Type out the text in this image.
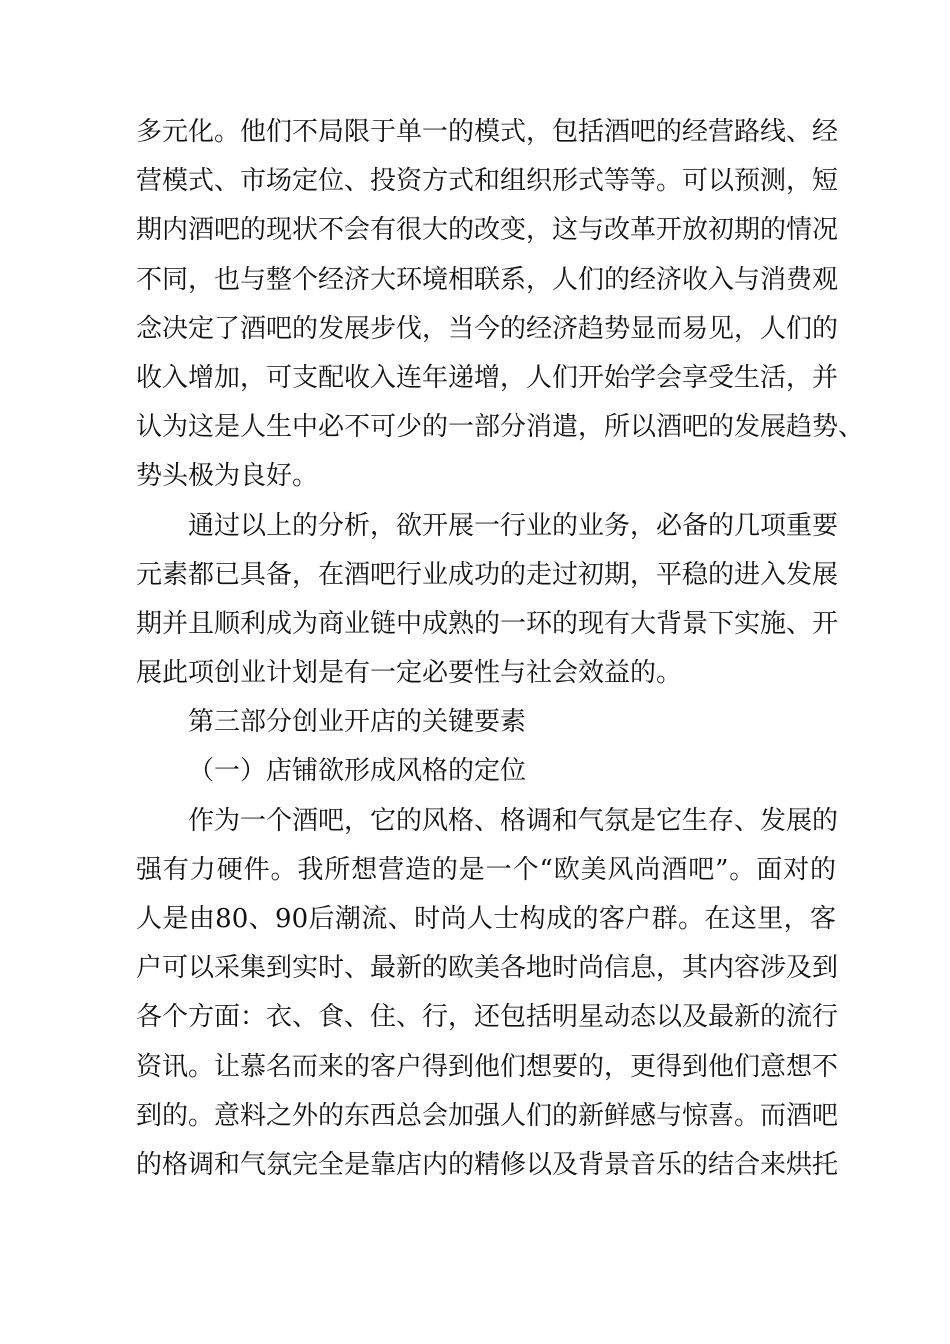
多元化。他们不局限于单一的模式，包括酒吧的经营路线、经
营模式、市场定位、投资方式和组织形式等等。可以预测，短
期内酒吧的现状不会有很大的改变，这与改革开放初期的情况
不同，也与整个经济大环境相联系，人们的经济收入与消费观
念决定了酒吧的发展步伐，当今的经济趋势显而易见，人们的
收入增加，可支配收入连年递增，人们开始学会享受生活，并
认为这是人生中必不可少的一部分消遣，所以酒吧的发展趋势、
势头极为良好。
通过以上的分析，欲开展一行业的业务，必备的几项重要
元素都已具备，在酒吧行业成功的走过初期，平稳的进入发展
期并且顺利成为商业链中成熟的一环的现有大背景下实施、开
展此项创业计划是有一定必要性与社会效益的。
第三部分创业开店的关键要素
（一）店铺欲形成风格的定位
作为一个酒吧，它的风格、格调和气氛是它生存、发展的
强有力硬件。我所想营造的是一个“欧美风尚酒吧”。面对的
人是由80、90后潮流、时尚人士构成的客户群。在这里，客
户可以采集到实时、最新的欧美各地时尚信息，其内容涉及到
各个方面：衣、食、住、行，还包括明星动态以及最新的流行
资讯。让慕名而来的客户得到他们想要的，更得到他们意想不
到的。意料之外的东西总会加强人们的新鲜感与惊喜。而酒吧
的格调和气氛完全是靠店内的精修以及背景音乐的结合来烘托
